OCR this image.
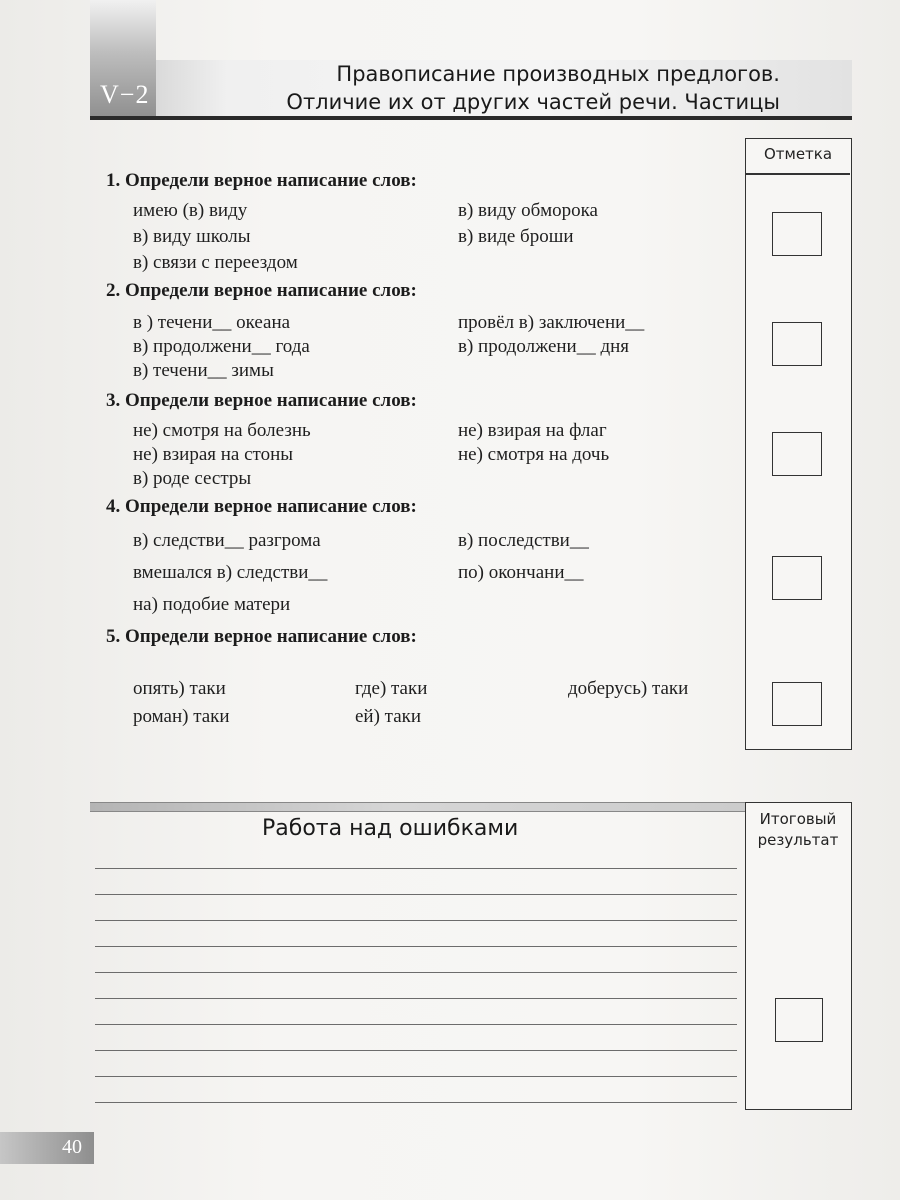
V−2
Правописание производных предлогов.
Отличие их от других частей речи. Частицы
Отметка
1. Определи верное написание слов:
имею (в) виду	в) виду обморока
в) виду школы	в) виде броши
в) связи с переездом
2. Определи верное написание слов:
в ) течени__ океана	провёл в) заключени__
в) продолжени__ года	в) продолжени__ дня
в) течени__ зимы
3. Определи верное написание слов:
не) смотря на болезнь	не) взирая на флаг
не) взирая на стоны	не) смотря на дочь
в) роде сестры
4. Определи верное написание слов:
в) следстви__ разгрома	в) последстви__
вмешался в) следстви__	по) окончани__
на) подобие матери
5. Определи верное написание слов:
опять) таки	где) таки	доберусь) таки
роман) таки	ей) таки
Работа над ошибками	Итоговый
результат
40
